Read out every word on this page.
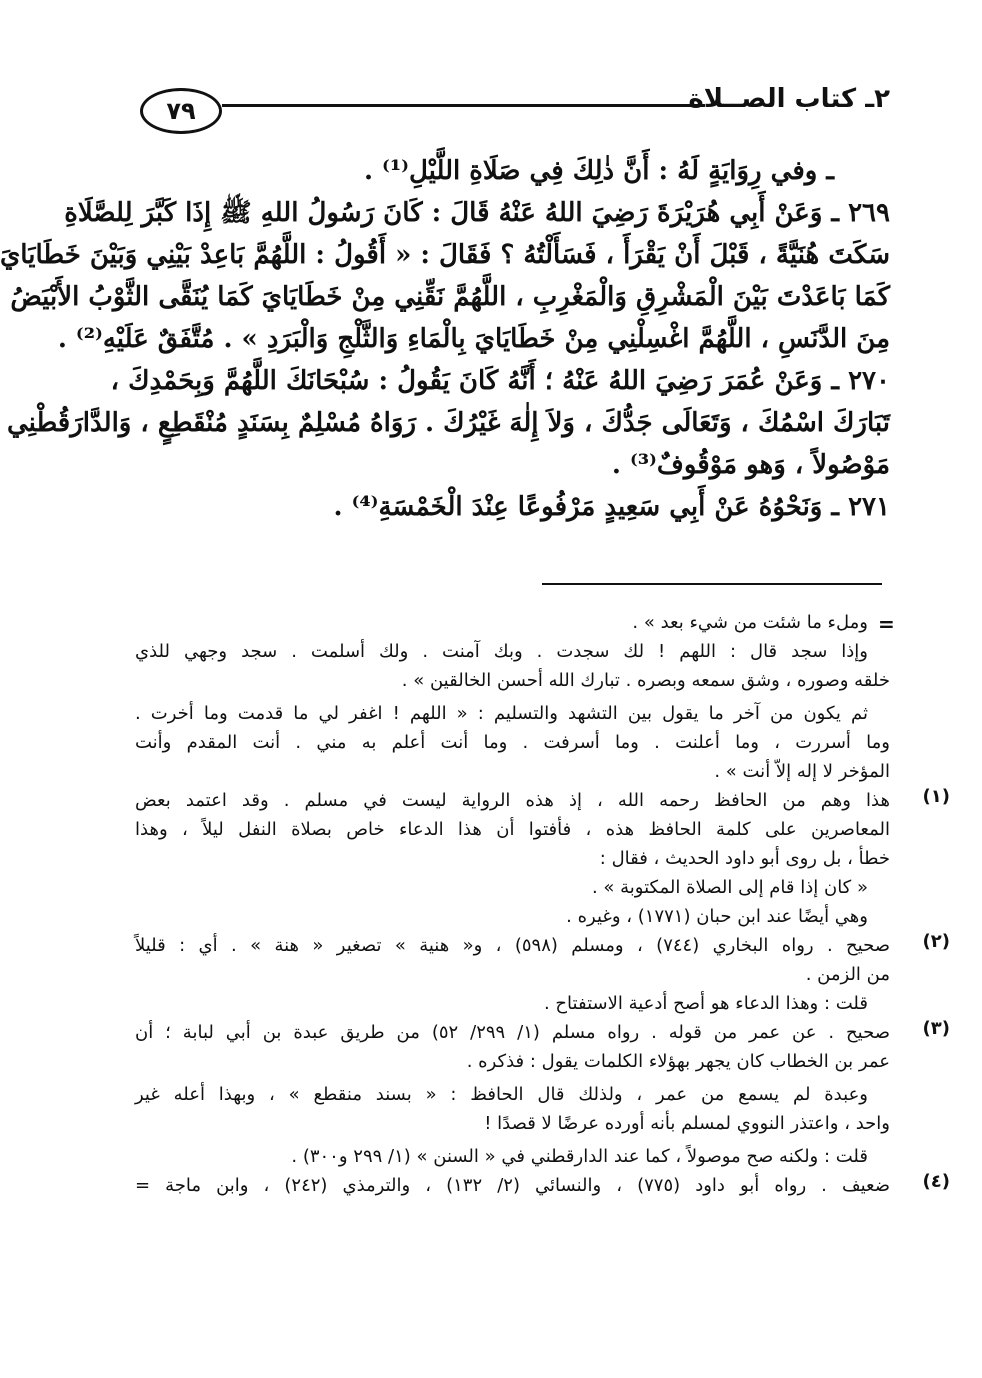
٧٩	٢ـ كتاب الصــلاة
ـ وفي رِوَايَةٍ لَهُ : أَنَّ ذٰلِكَ فِي صَلَاةِ اللَّيْلِ⁽¹⁾ .
٢٦٩ ـ وَعَنْ أَبِي هُرَيْرَةَ رَضِيَ اللهُ عَنْهُ قَالَ : كَانَ رَسُولُ اللهِ ﷺ إِذَا كَبَّرَ لِلصَّلَاةِ
سَكَتَ هُنَيَّةً ، قَبْلَ أَنْ يَقْرَأَ ، فَسَأَلْتُهُ ؟ فَقَالَ : « أَقُولُ : اللَّهُمَّ بَاعِدْ بَيْنِي وَبَيْنَ خَطَايَايَ
كَمَا بَاعَدْتَ بَيْنَ الْمَشْرِقِ وَالْمَغْرِبِ ، اللَّهُمَّ نَقِّنِي مِنْ خَطَايَايَ كَمَا يُنَقَّى الثَّوْبُ الأَبْيَضُ
مِنَ الدَّنَسِ ، اللَّهُمَّ اغْسِلْنِي مِنْ خَطَايَايَ بِالْمَاءِ وَالثَّلْجِ وَالْبَرَدِ » . مُتَّفَقٌ عَلَيْهِ⁽²⁾ .
٢٧٠ ـ وَعَنْ عُمَرَ رَضِيَ اللهُ عَنْهُ ؛ أَنَّهُ كَانَ يَقُولُ : سُبْحَانَكَ اللَّهُمَّ وَبِحَمْدِكَ ،
تَبَارَكَ اسْمُكَ ، وَتَعَالَى جَدُّكَ ، وَلاَ إِلٰهَ غَيْرُكَ . رَوَاهُ مُسْلِمٌ بِسَنَدٍ مُنْقَطِعٍ ، وَالدَّارَقُطْنِي
مَوْصُولاً ، وَهو مَوْقُوفٌ⁽³⁾ .
٢٧١ ـ وَنَحْوُهُ عَنْ أَبِي سَعِيدٍ مَرْفُوعًا عِنْدَ الْخَمْسَةِ⁽⁴⁾ .
=
وملء ما شئت من شيء بعد » .
وإذا سجد قال : اللهم ! لك سجدت . وبك آمنت . ولك أسلمت . سجد وجهي للذي
خلقه وصوره ، وشق سمعه وبصره . تبارك الله أحسن الخالقين » .
ثم يكون من آخر ما يقول بين التشهد والتسليم : « اللهم ! اغفر لي ما قدمت وما أخرت .
وما أسررت ، وما أعلنت . وما أسرفت . وما أنت أعلم به مني . أنت المقدم وأنت
المؤخر لا إله إلاّ أنت » .
(١)
هذا وهم من الحافظ رحمه الله ، إذ هذه الرواية ليست في مسلم . وقد اعتمد بعض
المعاصرين على كلمة الحافظ هذه ، فأفتوا أن هذا الدعاء خاص بصلاة النفل ليلاً ، وهذا
خطأ ، بل روى أبو داود الحديث ، فقال :
« كان إذا قام إلى الصلاة المكتوبة » .
وهي أيضًا عند ابن حبان (١٧٧١) ، وغيره .
(٢)
صحيح . رواه البخاري (٧٤٤) ، ومسلم (٥٩٨) ، و« هنية » تصغير « هنة » . أي : قليلاً
من الزمن .
قلت : وهذا الدعاء هو أصح أدعية الاستفتاح .
(٣)
صحيح . عن عمر من قوله . رواه مسلم (١/ ٢٩٩/ ٥٢) من طريق عبدة بن أبي لبابة ؛ أن
عمر بن الخطاب كان يجهر بهؤلاء الكلمات يقول : فذكره .
وعبدة لم يسمع من عمر ، ولذلك قال الحافظ : « بسند منقطع » ، وبهذا أعله غير
واحد ، واعتذر النووي لمسلم بأنه أورده عرضًا لا قصدًا !
قلت : ولكنه صح موصولاً ، كما عند الدارقطني في « السنن » (١/ ٢٩٩ و٣٠٠) .
(٤)
ضعيف . رواه أبو داود (٧٧٥) ، والنسائي (٢/ ١٣٢) ، والترمذي (٢٤٢) ، وابن ماجة =
